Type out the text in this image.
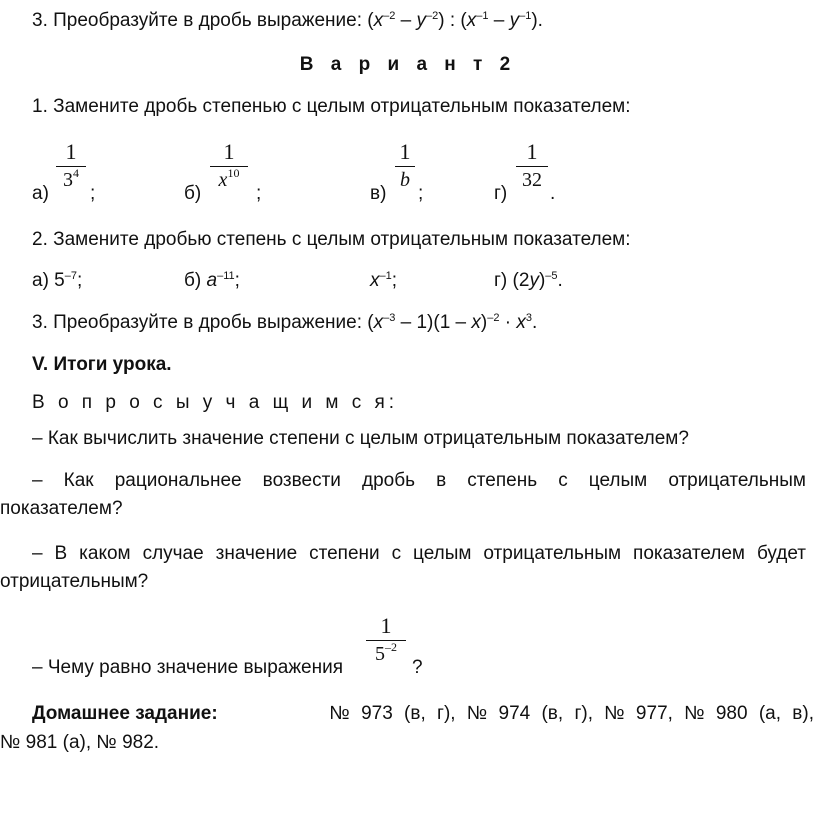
3. Преобразуйте в дробь выражение: $(x^{-2} - y^{-2})$ : $(x^{-1} - y^{-1})$.
В а р и а н т 2
1. Замените дробь степенью с целым отрицательным показателем:
а)
1
$3^4$
;	б)
1
$x^{10}$
;	в)
1
b
;	г)
1
32
.
2. Замените дробью степень с целым отрицательным показателем:
а) $5^{-7}$;	б) $a^{-11}$;	$x^{-1}$;	г) $(2y)^{-5}$.
3. Преобразуйте в дробь выражение: $(x^{-3} - 1)(1 - x)^{-2} \cdot x^3$.
V. Итоги урока.
В о п р о с ы у ч а щ и м с я:
– Как вычислить значение степени с целым отрицательным показателем?
– Как рациональнее возвести дробь в степень с целым отрицательным
показателем?
– В каком случае значение степени с целым отрицательным показателем будет
отрицательным?
– Чему равно значение выражения
1
$5^{-2}$
?
Домашнее задание:	№ 973 (в, г), № 974 (в, г), № 977, № 980 (а, в),
№ 981 (а), № 982.
